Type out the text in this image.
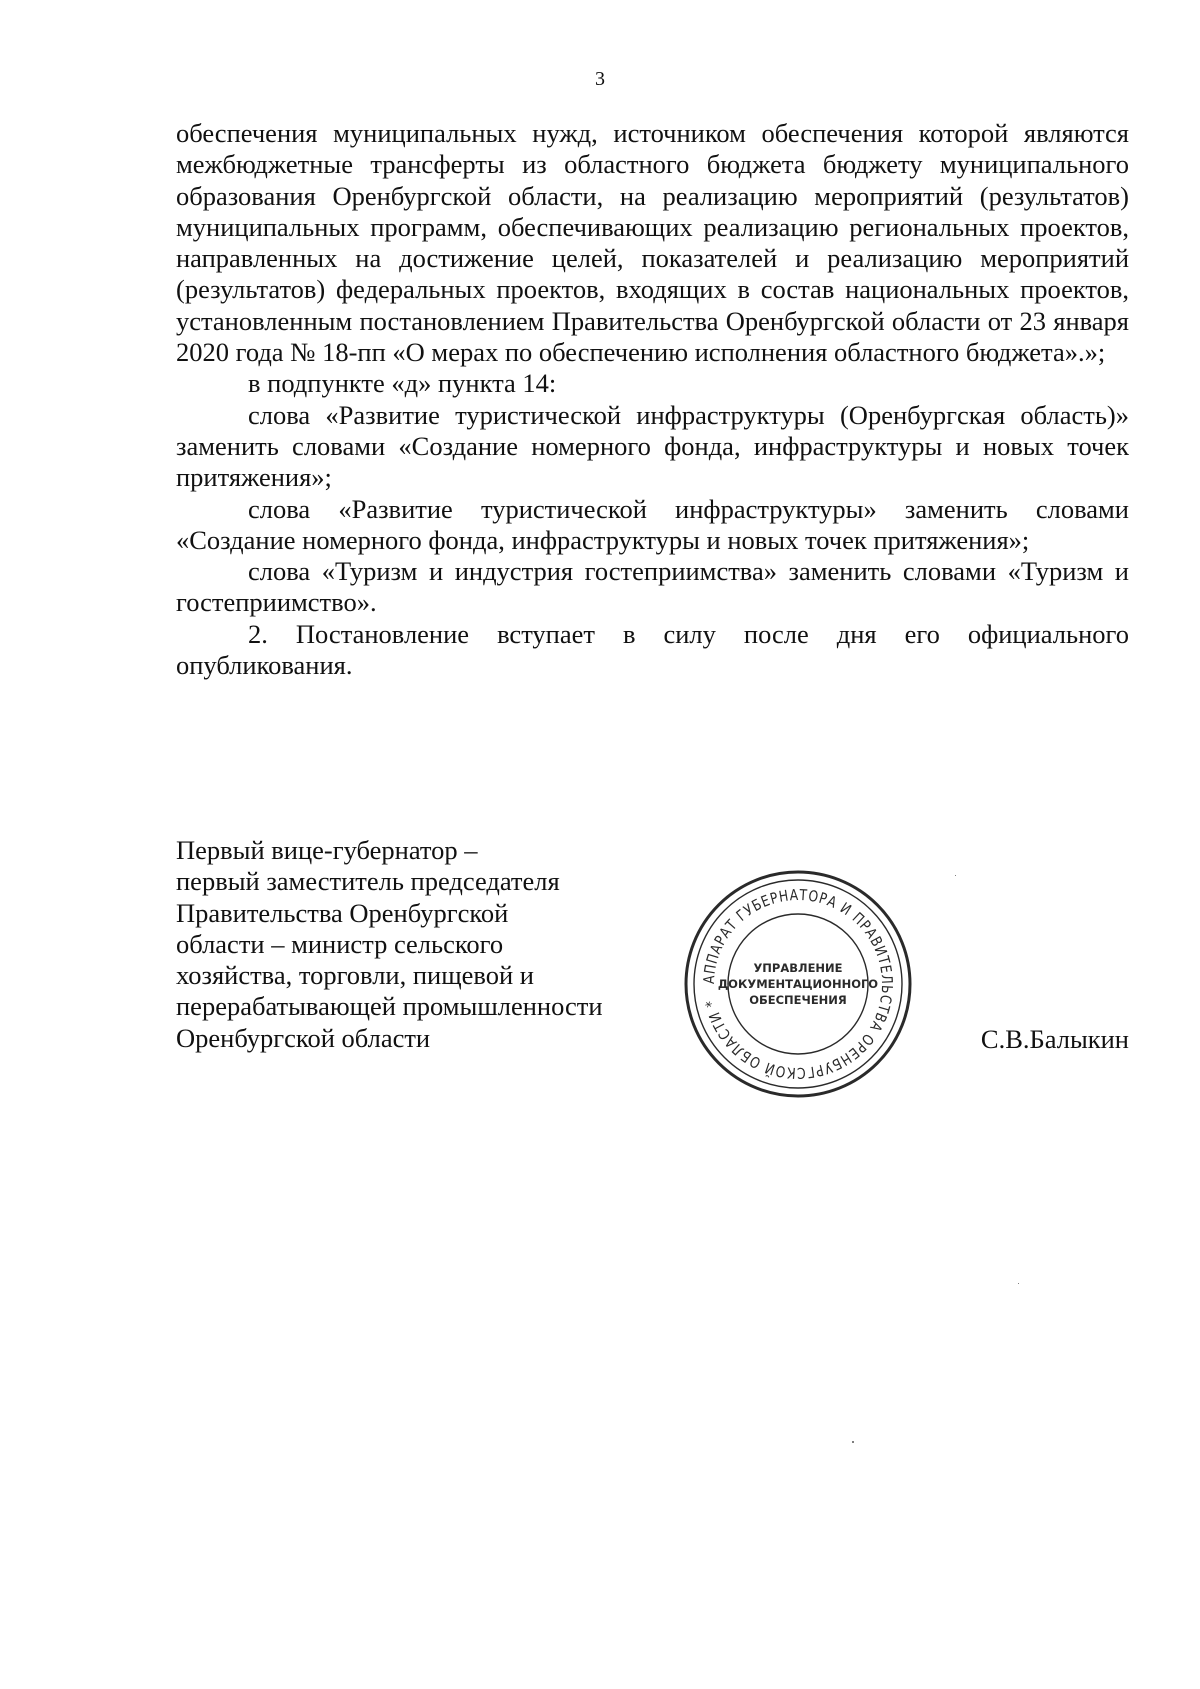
3

обеспечения муниципальных нужд, источником обеспечения которой являются межбюджетные трансферты из областного бюджета бюджету муниципального образования Оренбургской области, на реализацию мероприятий (результатов) муниципальных программ, обеспечивающих реализацию региональных проектов, направленных на достижение целей, показателей и реализацию мероприятий (результатов) федеральных проектов, входящих в состав национальных проектов, установленным постановлением Правительства Оренбургской области от 23 января 2020 года № 18-пп «О мерах по обеспечению исполнения областного бюджета».»;

в подпункте «д» пункта 14:

слова «Развитие туристической инфраструктуры (Оренбургская область)» заменить словами «Создание номерного фонда, инфраструктуры и новых точек притяжения»;

слова «Развитие туристической инфраструктуры» заменить словами «Создание номерного фонда, инфраструктуры и новых точек притяжения»;

слова «Туризм и индустрия гостеприимства» заменить словами «Туризм и гостеприимство».

2. Постановление вступает в силу после дня его официального опубликования.

Первый вице-губернатор –
первый заместитель председателя
Правительства Оренбургской
области – министр сельского
хозяйства, торговли, пищевой и
перерабатывающей промышленности
Оренбургской области	С.В.Балыкин
АППАРАТ ГУБЕРНАТОРА И ПРАВИТЕЛЬСТВА ОРЕНБУРГСКОЙ ОБЛАСТИ *
УПРАВЛЕНИЕ
ДОКУМЕНТАЦИОННОГО
ОБЕСПЕЧЕНИЯ
